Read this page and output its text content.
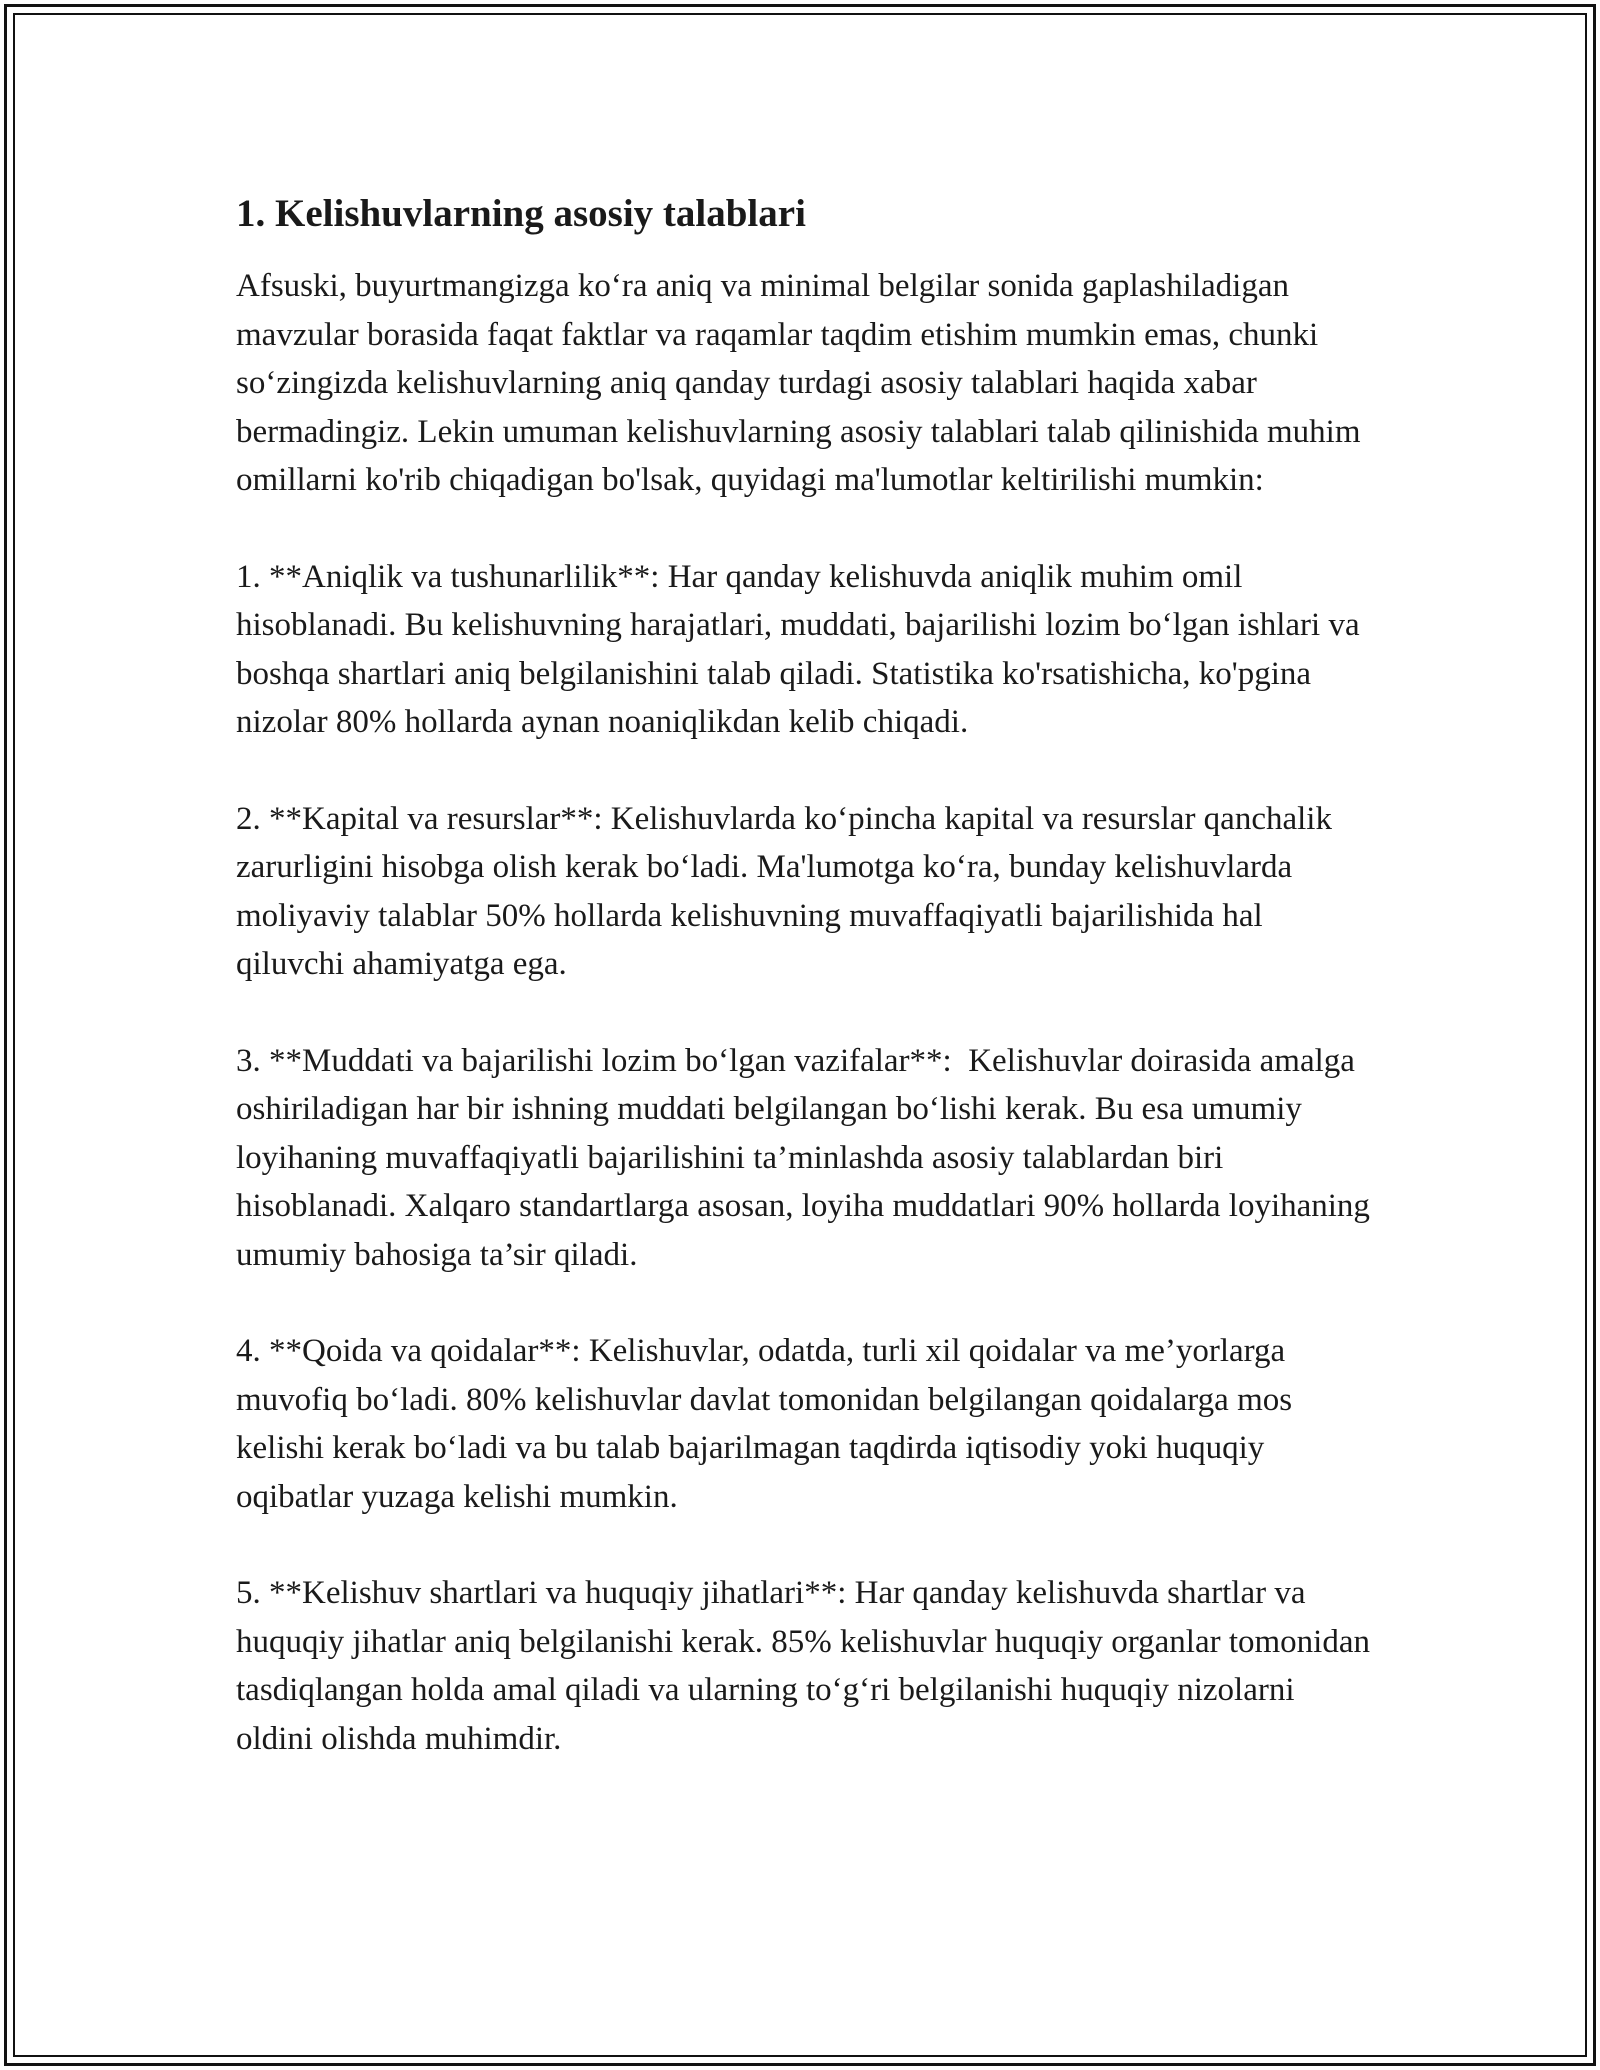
1. Kelishuvlarning asosiy talablari

Afsuski, buyurtmangizga ko‘ra aniq va minimal belgilar sonida gaplashiladigan mavzular borasida faqat faktlar va raqamlar taqdim etishim mumkin emas, chunki so‘zingizda kelishuvlarning aniq qanday turdagi asosiy talablari haqida xabar bermadingiz. Lekin umuman kelishuvlarning asosiy talablari talab qilinishida muhim omillarni ko'rib chiqadigan bo'lsak, quyidagi ma'lumotlar keltirilishi mumkin:

1. **Aniqlik va tushunarlilik**: Har qanday kelishuvda aniqlik muhim omil hisoblanadi. Bu kelishuvning harajatlari, muddati, bajarilishi lozim bo‘lgan ishlari va boshqa shartlari aniq belgilanishini talab qiladi. Statistika ko'rsatishicha, ko'pgina nizolar 80% hollarda aynan noaniqlikdan kelib chiqadi.

2. **Kapital va resurslar**: Kelishuvlarda ko‘pincha kapital va resurslar qanchalik zarurligini hisobga olish kerak bo‘ladi. Ma'lumotga ko‘ra, bunday kelishuvlarda moliyaviy talablar 50% hollarda kelishuvning muvaffaqiyatli bajarilishida hal qiluvchi ahamiyatga ega.

3. **Muddati va bajarilishi lozim bo‘lgan vazifalar**:  Kelishuvlar doirasida amalga oshiriladigan har bir ishning muddati belgilangan bo‘lishi kerak. Bu esa umumiy loyihaning muvaffaqiyatli bajarilishini ta’minlashda asosiy talablardan biri hisoblanadi. Xalqaro standartlarga asosan, loyiha muddatlari 90% hollarda loyihaning umumiy bahosiga ta’sir qiladi.

4. **Qoida va qoidalar**: Kelishuvlar, odatda, turli xil qoidalar va me’yorlarga muvofiq bo‘ladi. 80% kelishuvlar davlat tomonidan belgilangan qoidalarga mos kelishi kerak bo‘ladi va bu talab bajarilmagan taqdirda iqtisodiy yoki huquqiy oqibatlar yuzaga kelishi mumkin.

5. **Kelishuv shartlari va huquqiy jihatlari**: Har qanday kelishuvda shartlar va huquqiy jihatlar aniq belgilanishi kerak. 85% kelishuvlar huquqiy organlar tomonidan tasdiqlangan holda amal qiladi va ularning to‘g‘ri belgilanishi huquqiy nizolarni oldini olishda muhimdir.
